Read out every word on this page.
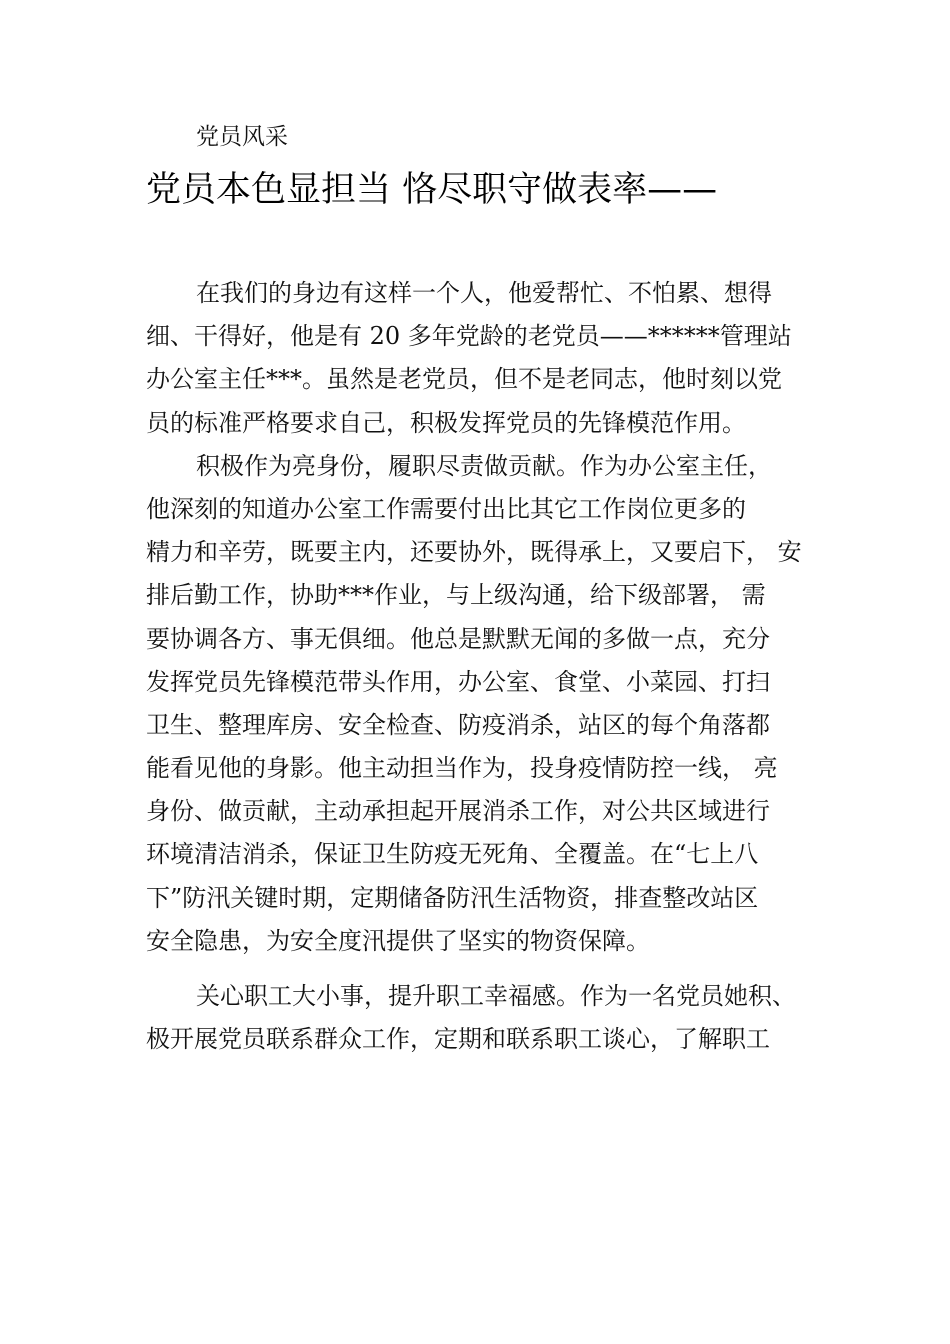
党员风采
党员本色显担当 恪尽职守做表率——
在我们的身边有这样一个人，他爱帮忙、不怕累、想得
细、干得好，他是有 20 多年党龄的老党员——******管理站
办公室主任***。虽然是老党员，但不是老同志，他时刻以党
员的标准严格要求自己，积极发挥党员的先锋模范作用。
积极作为亮身份，履职尽责做贡献。作为办公室主任，
他深刻的知道办公室工作需要付出比其它工作岗位更多的
精力和辛劳，既要主内，还要协外，既得承上，又要启下， 安
排后勤工作，协助***作业，与上级沟通，给下级部署， 需
要协调各方、事无俱细。他总是默默无闻的多做一点，充分
发挥党员先锋模范带头作用，办公室、食堂、小菜园、打扫
卫生、整理库房、安全检查、防疫消杀，站区的每个角落都
能看见他的身影。他主动担当作为，投身疫情防控一线， 亮
身份、做贡献，主动承担起开展消杀工作，对公共区域进行
环境清洁消杀，保证卫生防疫无死角、全覆盖。在“七上八
下”防汛关键时期，定期储备防汛生活物资，排查整改站区
安全隐患，为安全度汛提供了坚实的物资保障。
关心职工大小事，提升职工幸福感。作为一名党员她积、
极开展党员联系群众工作，定期和联系职工谈心，了解职工
